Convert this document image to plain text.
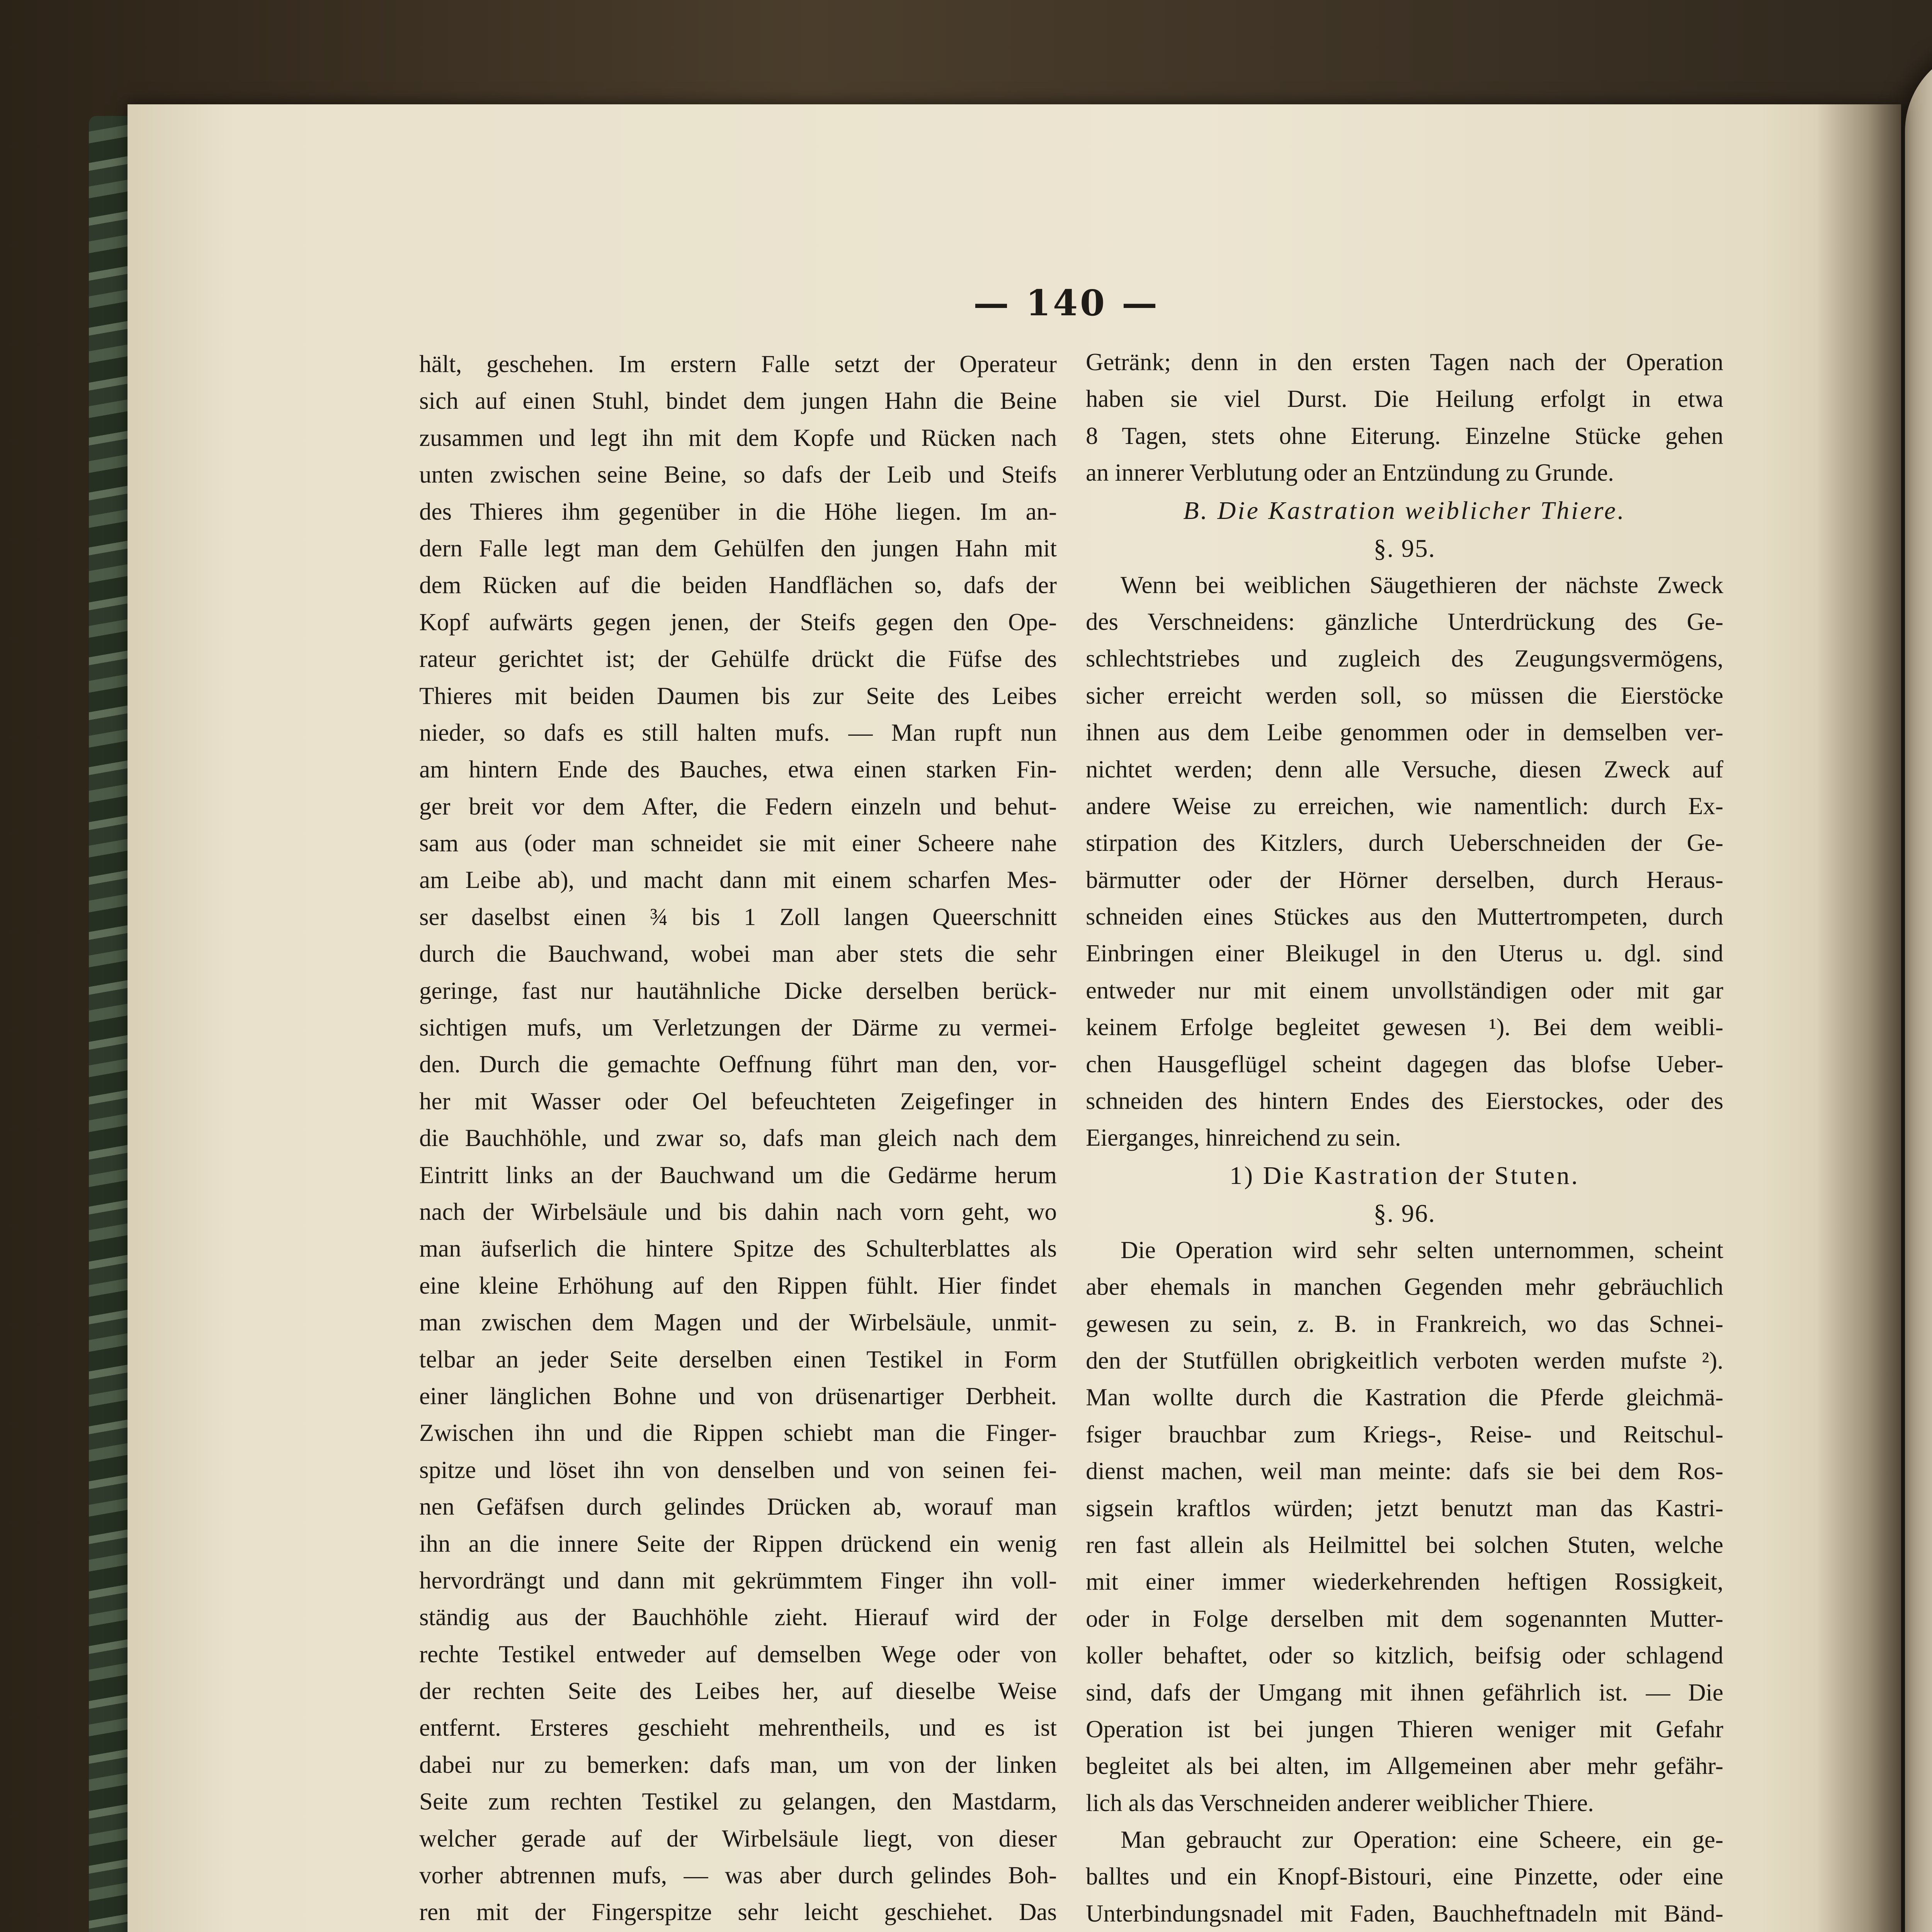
— 140 —
hält, geschehen. Im erstern Falle setzt der Operateur
sich auf einen Stuhl, bindet dem jungen Hahn die Beine
zusammen und legt ihn mit dem Kopfe und Rücken nach
unten zwischen seine Beine, so dafs der Leib und Steifs
des Thieres ihm gegenüber in die Höhe liegen. Im an-
dern Falle legt man dem Gehülfen den jungen Hahn mit
dem Rücken auf die beiden Handflächen so, dafs der
Kopf aufwärts gegen jenen, der Steifs gegen den Ope-
rateur gerichtet ist; der Gehülfe drückt die Füfse des
Thieres mit beiden Daumen bis zur Seite des Leibes
nieder, so dafs es still halten mufs. — Man rupft nun
am hintern Ende des Bauches, etwa einen starken Fin-
ger breit vor dem After, die Federn einzeln und behut-
sam aus (oder man schneidet sie mit einer Scheere nahe
am Leibe ab), und macht dann mit einem scharfen Mes-
ser daselbst einen ¾ bis 1 Zoll langen Queerschnitt
durch die Bauchwand, wobei man aber stets die sehr
geringe, fast nur hautähnliche Dicke derselben berück-
sichtigen mufs, um Verletzungen der Därme zu vermei-
den. Durch die gemachte Oeffnung führt man den, vor-
her mit Wasser oder Oel befeuchteten Zeigefinger in
die Bauchhöhle, und zwar so, dafs man gleich nach dem
Eintritt links an der Bauchwand um die Gedärme herum
nach der Wirbelsäule und bis dahin nach vorn geht, wo
man äufserlich die hintere Spitze des Schulterblattes als
eine kleine Erhöhung auf den Rippen fühlt. Hier findet
man zwischen dem Magen und der Wirbelsäule, unmit-
telbar an jeder Seite derselben einen Testikel in Form
einer länglichen Bohne und von drüsenartiger Derbheit.
Zwischen ihn und die Rippen schiebt man die Finger-
spitze und löset ihn von denselben und von seinen fei-
nen Gefäfsen durch gelindes Drücken ab, worauf man
ihn an die innere Seite der Rippen drückend ein wenig
hervordrängt und dann mit gekrümmtem Finger ihn voll-
ständig aus der Bauchhöhle zieht. Hierauf wird der
rechte Testikel entweder auf demselben Wege oder von
der rechten Seite des Leibes her, auf dieselbe Weise
entfernt. Ersteres geschieht mehrentheils, und es ist
dabei nur zu bemerken: dafs man, um von der linken
Seite zum rechten Testikel zu gelangen, den Mastdarm,
welcher gerade auf der Wirbelsäule liegt, von dieser
vorher abtrennen mufs, — was aber durch gelindes Boh-
ren mit der Fingerspitze sehr leicht geschiehet. Das
Getränk; denn in den ersten Tagen nach der Operation
haben sie viel Durst. Die Heilung erfolgt in etwa
8 Tagen, stets ohne Eiterung. Einzelne Stücke gehen
an innerer Verblutung oder an Entzündung zu Grunde.
B. Die Kastration weiblicher Thiere.
§. 95.
Wenn bei weiblichen Säugethieren der nächste Zweck
des Verschneidens: gänzliche Unterdrückung des Ge-
schlechtstriebes und zugleich des Zeugungsvermögens,
sicher erreicht werden soll, so müssen die Eierstöcke
ihnen aus dem Leibe genommen oder in demselben ver-
nichtet werden; denn alle Versuche, diesen Zweck auf
andere Weise zu erreichen, wie namentlich: durch Ex-
stirpation des Kitzlers, durch Ueberschneiden der Ge-
bärmutter oder der Hörner derselben, durch Heraus-
schneiden eines Stückes aus den Muttertrompeten, durch
Einbringen einer Bleikugel in den Uterus u. dgl. sind
entweder nur mit einem unvollständigen oder mit gar
keinem Erfolge begleitet gewesen ¹). Bei dem weibli-
chen Hausgeflügel scheint dagegen das blofse Ueber-
schneiden des hintern Endes des Eierstockes, oder des
Eierganges, hinreichend zu sein.
1) Die Kastration der Stuten.
§. 96.
Die Operation wird sehr selten unternommen, scheint
aber ehemals in manchen Gegenden mehr gebräuchlich
gewesen zu sein, z. B. in Frankreich, wo das Schnei-
den der Stutfüllen obrigkeitlich verboten werden mufste ²).
Man wollte durch die Kastration die Pferde gleichmä-
fsiger brauchbar zum Kriegs-, Reise- und Reitschul-
dienst machen, weil man meinte: dafs sie bei dem Ros-
sigsein kraftlos würden; jetzt benutzt man das Kastri-
ren fast allein als Heilmittel bei solchen Stuten, welche
mit einer immer wiederkehrenden heftigen Rossigkeit,
oder in Folge derselben mit dem sogenannten Mutter-
koller behaftet, oder so kitzlich, beifsig oder schlagend
sind, dafs der Umgang mit ihnen gefährlich ist. — Die
Operation ist bei jungen Thieren weniger mit Gefahr
begleitet als bei alten, im Allgemeinen aber mehr gefähr-
lich als das Verschneiden anderer weiblicher Thiere.
Man gebraucht zur Operation: eine Scheere, ein ge-
balltes und ein Knopf-Bistouri, eine Pinzette, oder eine
Unterbindungsnadel mit Faden, Bauchheftnadeln mit Bänd-
